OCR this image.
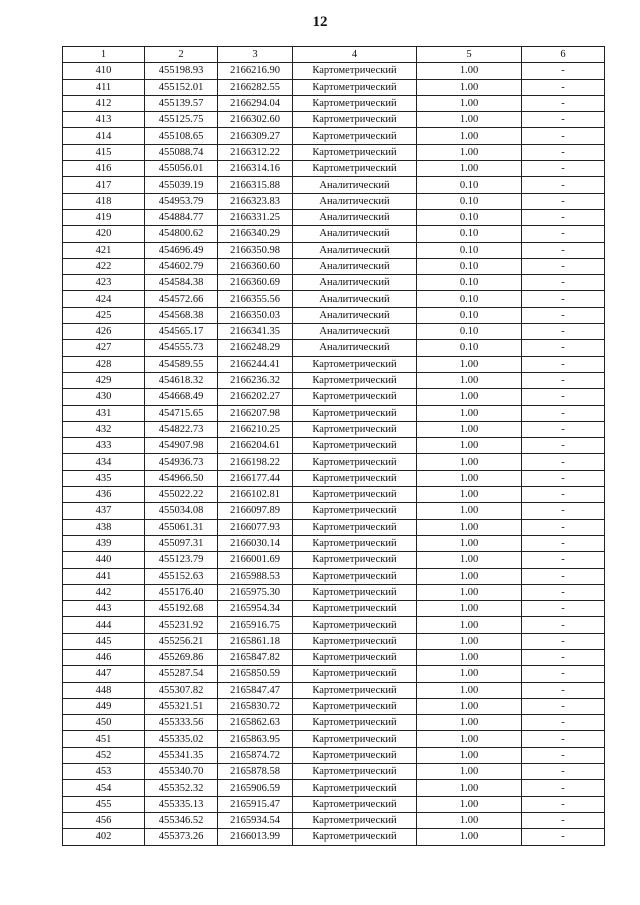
12
1	2	3	4	5	6
410	455198.93	2166216.90	Картометрический	1.00	-
411	455152.01	2166282.55	Картометрический	1.00	-
412	455139.57	2166294.04	Картометрический	1.00	-
413	455125.75	2166302.60	Картометрический	1.00	-
414	455108.65	2166309.27	Картометрический	1.00	-
415	455088.74	2166312.22	Картометрический	1.00	-
416	455056.01	2166314.16	Картометрический	1.00	-
417	455039.19	2166315.88	Аналитический	0.10	-
418	454953.79	2166323.83	Аналитический	0.10	-
419	454884.77	2166331.25	Аналитический	0.10	-
420	454800.62	2166340.29	Аналитический	0.10	-
421	454696.49	2166350.98	Аналитический	0.10	-
422	454602.79	2166360.60	Аналитический	0.10	-
423	454584.38	2166360.69	Аналитический	0.10	-
424	454572.66	2166355.56	Аналитический	0.10	-
425	454568.38	2166350.03	Аналитический	0.10	-
426	454565.17	2166341.35	Аналитический	0.10	-
427	454555.73	2166248.29	Аналитический	0.10	-
428	454589.55	2166244.41	Картометрический	1.00	-
429	454618.32	2166236.32	Картометрический	1.00	-
430	454668.49	2166202.27	Картометрический	1.00	-
431	454715.65	2166207.98	Картометрический	1.00	-
432	454822.73	2166210.25	Картометрический	1.00	-
433	454907.98	2166204.61	Картометрический	1.00	-
434	454936.73	2166198.22	Картометрический	1.00	-
435	454966.50	2166177.44	Картометрический	1.00	-
436	455022.22	2166102.81	Картометрический	1.00	-
437	455034.08	2166097.89	Картометрический	1.00	-
438	455061.31	2166077.93	Картометрический	1.00	-
439	455097.31	2166030.14	Картометрический	1.00	-
440	455123.79	2166001.69	Картометрический	1.00	-
441	455152.63	2165988.53	Картометрический	1.00	-
442	455176.40	2165975.30	Картометрический	1.00	-
443	455192.68	2165954.34	Картометрический	1.00	-
444	455231.92	2165916.75	Картометрический	1.00	-
445	455256.21	2165861.18	Картометрический	1.00	-
446	455269.86	2165847.82	Картометрический	1.00	-
447	455287.54	2165850.59	Картометрический	1.00	-
448	455307.82	2165847.47	Картометрический	1.00	-
449	455321.51	2165830.72	Картометрический	1.00	-
450	455333.56	2165862.63	Картометрический	1.00	-
451	455335.02	2165863.95	Картометрический	1.00	-
452	455341.35	2165874.72	Картометрический	1.00	-
453	455340.70	2165878.58	Картометрический	1.00	-
454	455352.32	2165906.59	Картометрический	1.00	-
455	455335.13	2165915.47	Картометрический	1.00	-
456	455346.52	2165934.54	Картометрический	1.00	-
402	455373.26	2166013.99	Картометрический	1.00	-
